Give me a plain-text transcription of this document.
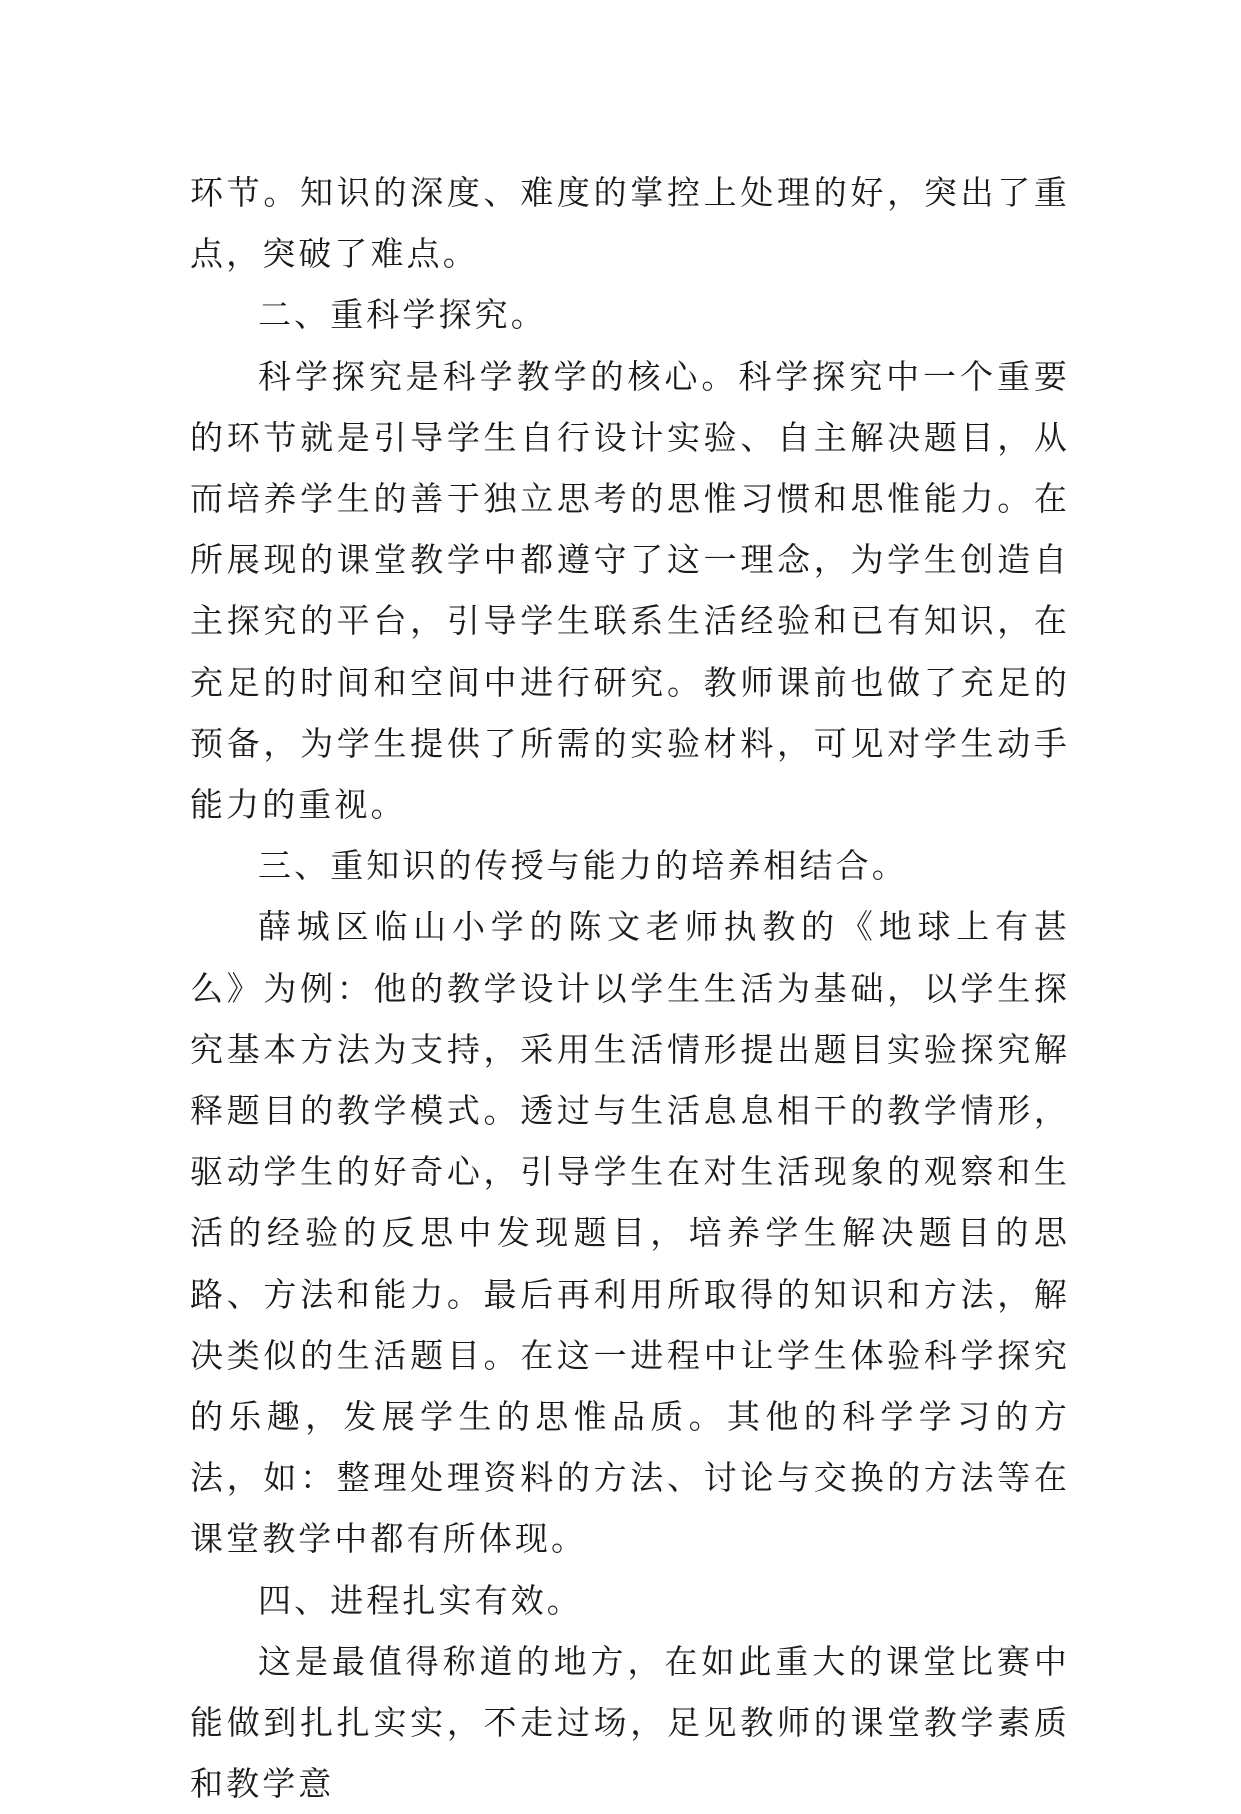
环节。知识的深度、难度的掌控上处理的好，突出了重点，突破了难点。

二、重科学探究。

科学探究是科学教学的核心。科学探究中一个重要的环节就是引导学生自行设计实验、自主解决题目，从而培养学生的善于独立思考的思惟习惯和思惟能力。在所展现的课堂教学中都遵守了这一理念，为学生创造自主探究的平台，引导学生联系生活经验和已有知识，在充足的时间和空间中进行研究。教师课前也做了充足的预备，为学生提供了所需的实验材料，可见对学生动手能力的重视。

三、重知识的传授与能力的培养相结合。

薛城区临山小学的陈文老师执教的《地球上有甚么》为例：他的教学设计以学生生活为基础，以学生探究基本方法为支持，采用生活情形提出题目实验探究解释题目的教学模式。透过与生活息息相干的教学情形，驱动学生的好奇心，引导学生在对生活现象的观察和生活的经验的反思中发现题目，培养学生解决题目的思路、方法和能力。最后再利用所取得的知识和方法，解决类似的生活题目。在这一进程中让学生体验科学探究的乐趣，发展学生的思惟品质。其他的科学学习的方法，如：整理处理资料的方法、讨论与交换的方法等在课堂教学中都有所体现。

四、进程扎实有效。

这是最值得称道的地方，在如此重大的课堂比赛中能做到扎扎实实，不走过场，足见教师的课堂教学素质和教学意
